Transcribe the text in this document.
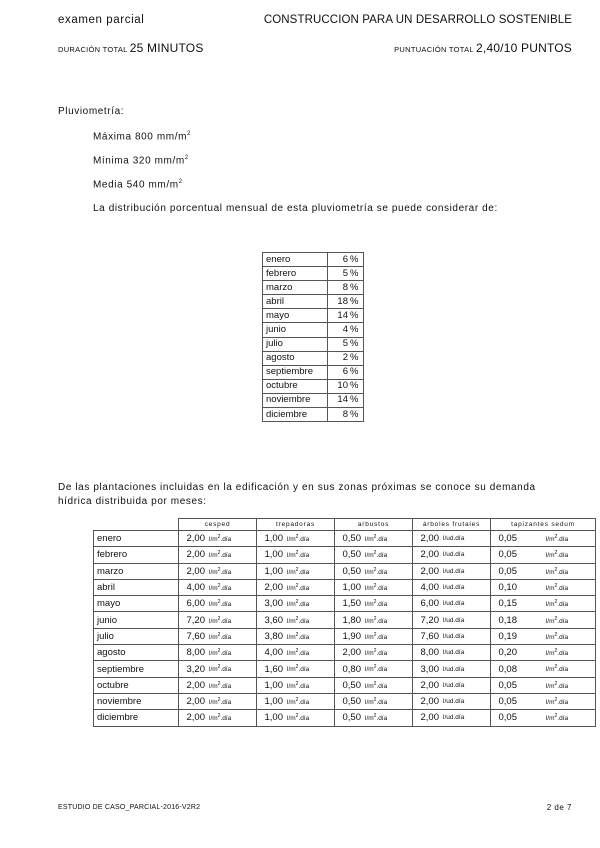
examen parcial	CONSTRUCCION PARA UN DESARROLLO SOSTENIBLE
DURACIÓN TOTAL 25 MINUTOS	PUNTUACIÓN TOTAL 2,40/10 PUNTOS
Pluviometría:
Máxima 800 $mm/m^2$
Mínima 320 $mm/m^2$
Media 540 $mm/m^2$
La distribución porcentual mensual de esta pluviometría se puede considerar de:
enero	6	%
febrero	5	%
marzo	8	%
abril	18	%
mayo	14	%
junio	4	%
julio	5	%
agosto	2	%
septiembre	6	%
octubre	10	%
noviembre	14	%
diciembre	8	%
De las plantaciones incluidas en la edificación y en sus zonas próximas se conoce su demanda hídrica distribuida por meses:
	cesped		trepadoras		arbustos		árboles frutales		tapizantes sedum	
enero	2,00	$l/m^2.día$	1,00	$l/m^2.día$	0,50	$l/m^2.día$	2,00	l/ud.día	0,05	$l/m^2.día$
febrero	2,00	$l/m^2.día$	1,00	$l/m^2.día$	0,50	$l/m^2.día$	2,00	l/ud.día	0,05	$l/m^2.día$
marzo	2,00	$l/m^2.día$	1,00	$l/m^2.día$	0,50	$l/m^2.día$	2,00	l/ud.día	0,05	$l/m^2.día$
abril	4,00	$l/m^2.día$	2,00	$l/m^2.día$	1,00	$l/m^2.día$	4,00	l/ud.día	0,10	$l/m^2.día$
mayo	6,00	$l/m^2.día$	3,00	$l/m^2.día$	1,50	$l/m^2.día$	6,00	l/ud.día	0,15	$l/m^2.día$
junio	7,20	$l/m^2.día$	3,60	$l/m^2.día$	1,80	$l/m^2.día$	7,20	l/ud.día	0,18	$l/m^2.día$
julio	7,60	$l/m^2.día$	3,80	$l/m^2.día$	1,90	$l/m^2.día$	7,60	l/ud.día	0,19	$l/m^2.día$
agosto	8,00	$l/m^2.día$	4,00	$l/m^2.día$	2,00	$l/m^2.día$	8,00	l/ud.día	0,20	$l/m^2.día$
septiembre	3,20	$l/m^2.día$	1,60	$l/m^2.día$	0,80	$l/m^2.día$	3,00	l/ud.día	0,08	$l/m^2.día$
octubre	2,00	$l/m^2.día$	1,00	$l/m^2.día$	0,50	$l/m^2.día$	2,00	l/ud.día	0,05	$l/m^2.día$
noviembre	2,00	$l/m^2.día$	1,00	$l/m^2.día$	0,50	$l/m^2.día$	2,00	l/ud.día	0,05	$l/m^2.día$
diciembre	2,00	$l/m^2.día$	1,00	$l/m^2.día$	0,50	$l/m^2.día$	2,00	l/ud.día	0,05	$l/m^2.día$
ESTUDIO DE CASO_PARCIAL-2016-V2R2	2 de 7
